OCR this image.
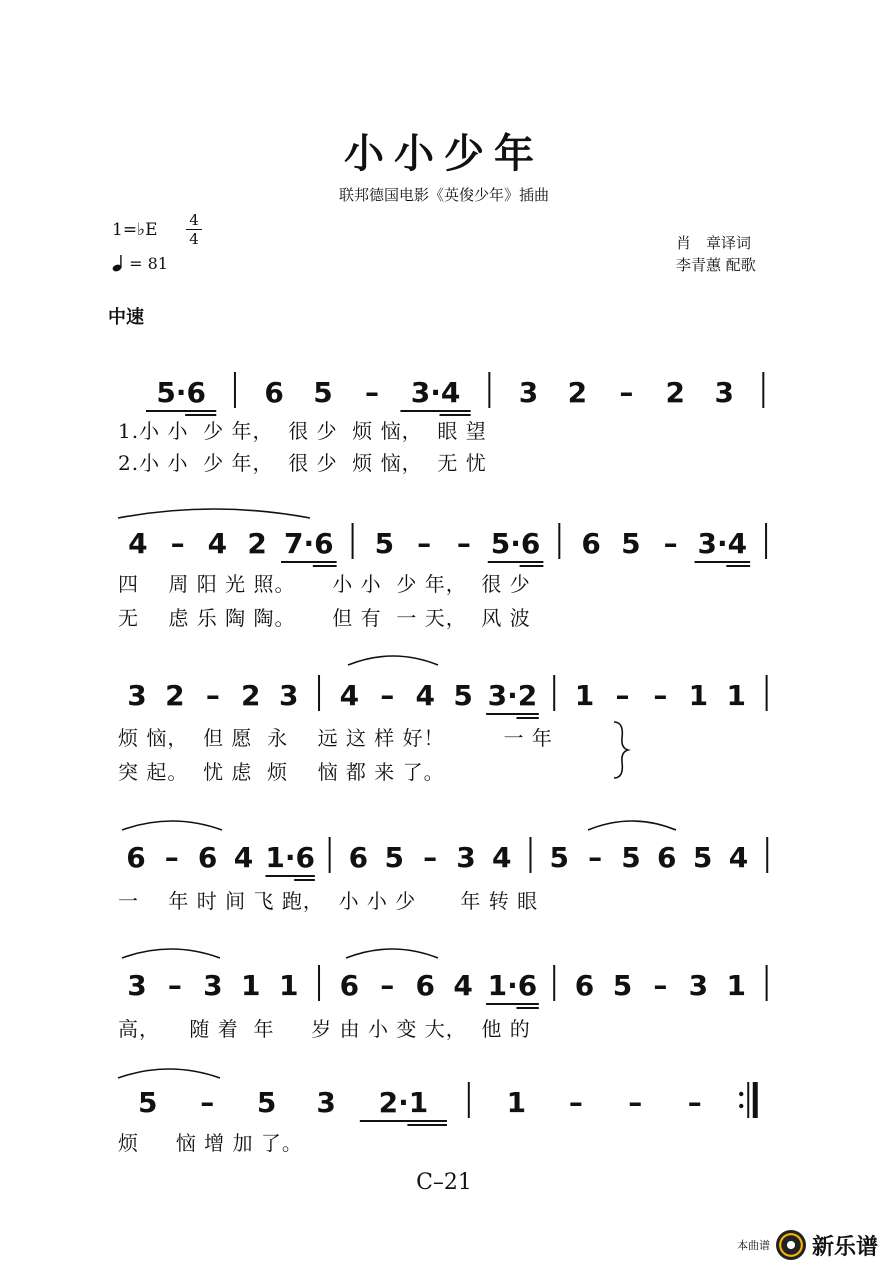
小小少年
联邦德国电影《英俊少年》插曲
1=♭E 4
4
= 81
肖　章译词
李青蕙 配歌
中速
5·6 6 5 – 3·4 3 2 – 2 3
4 – 4 2 7·6 5 – – 5·6 6 5 – 3·4
3 2 – 2 3 4 – 4 5 3·2 1 – – 1 1
6 – 6 4 1·6 6 5 – 3 4 5 – 5 6 5 4
3 – 3 1 1 6 – 6 4 1·6 6 5 – 3 1
5 – 5 3 2·1	1 – – –
1.小 小  少 年，  很 少  烦 恼，  眼 望
2.小 小  少 年，  很 少  烦 恼，  无 忧
四    周 阳 光 照。     小 小  少 年，  很 少
无    虑 乐 陶 陶。     但 有  一 天，  风 波
烦 恼，  但 愿  永    远 这 样 好！        一 年
突 起。  忧 虑  烦    恼 都 来 了。
一    年 时 间 飞 跑，  小 小 少      年 转 眼
高，    随 着  年     岁 由 小 变 大，  他 的
烦     恼 增 加 了。
C–21
本曲谱 新乐谱
